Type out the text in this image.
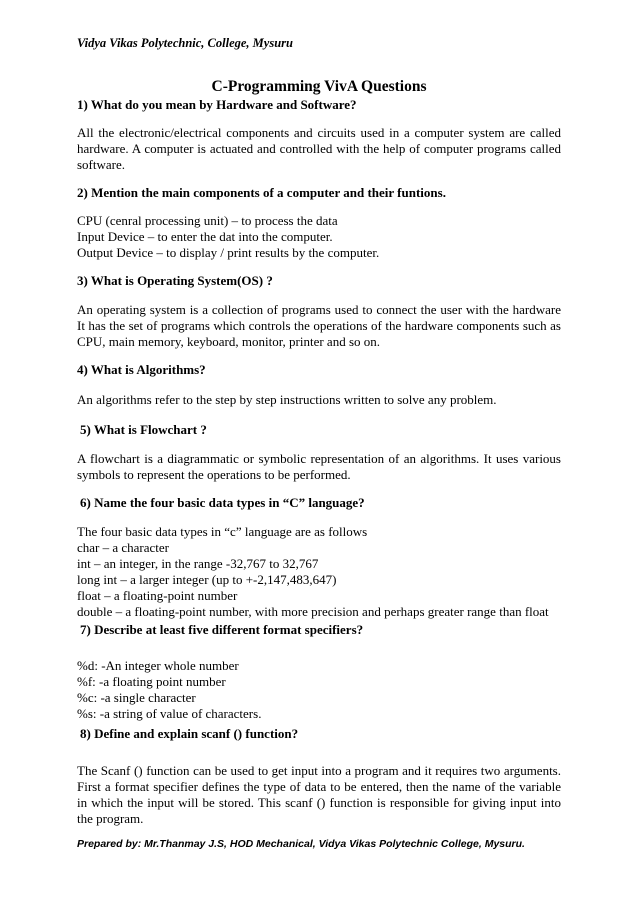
Vidya Vikas Polytechnic, College, Mysuru
C-Programming VivA Questions
1) What do you mean by Hardware and Software?
All the electronic/electrical components and circuits used in a computer system are called hardware. A computer is actuated and controlled with the help of computer programs called software.
2) Mention the main components of a computer and their funtions.
CPU (cenral processing unit) – to process the data
Input Device – to enter the dat into the computer.
Output Device – to display / print results by the computer.
3) What is Operating System(OS) ?
An operating system is a collection of programs used to connect the user with the hardware It has the set of programs which controls the operations of the hardware components such as CPU, main memory, keyboard, monitor, printer and so on.
4) What is Algorithms?
An algorithms refer to the step by step instructions written to solve any problem.
5) What is Flowchart ?
A flowchart is a diagrammatic or symbolic representation of an algorithms. It uses various symbols to represent the operations to be performed.
6) Name the four basic data types in “C” language?
The four basic data types in “c” language are as follows
char – a character
int – an integer, in the range -32,767 to 32,767
long int – a larger integer (up to +-2,147,483,647)
float – a floating-point number
double – a floating-point number, with more precision and perhaps greater range than float
7) Describe at least five different format specifiers?
%d: -An integer whole number
%f: -a floating point number
%c: -a single character
%s: -a string of value of characters.
8) Define and explain scanf () function?
The Scanf () function can be used to get input into a program and it requires two arguments. First a format specifier defines the type of data to be entered, then the name of the variable in which the input will be stored. This scanf () function is responsible for giving input into the program.
Prepared by: Mr.Thanmay J.S, HOD Mechanical, Vidya Vikas Polytechnic College, Mysuru.
